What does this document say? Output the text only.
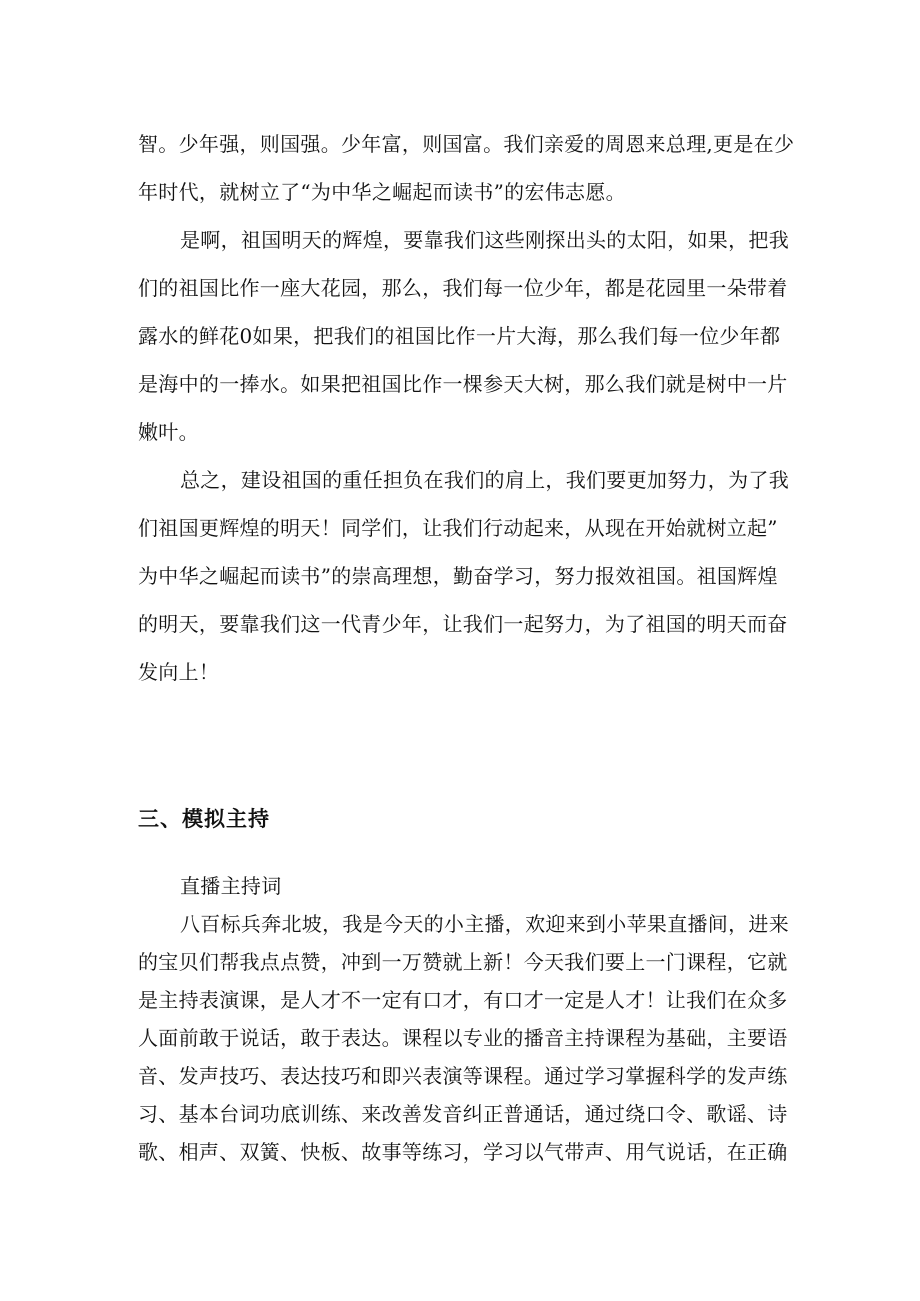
智。少年强，则国强。少年富，则国富。我们亲爱的周恩来总理,更是在少
年时代，就树立了“为中华之崛起而读书”的宏伟志愿。
是啊，祖国明天的辉煌，要靠我们这些刚探出头的太阳，如果，把我
们的祖国比作一座大花园，那么，我们每一位少年，都是花园里一朵带着
露水的鲜花0如果，把我们的祖国比作一片大海，那么我们每一位少年都
是海中的一捧水。如果把祖国比作一棵参天大树，那么我们就是树中一片
嫩叶。
总之，建设祖国的重任担负在我们的肩上，我们要更加努力，为了我
们祖国更辉煌的明天！同学们，让我们行动起来，从现在开始就树立起”
为中华之崛起而读书”的崇高理想，勤奋学习，努力报效祖国。祖国辉煌
的明天，要靠我们这一代青少年，让我们一起努力，为了祖国的明天而奋
发向上！
三、模拟主持
直播主持词
八百标兵奔北坡，我是今天的小主播，欢迎来到小苹果直播间，进来
的宝贝们帮我点点赞，冲到一万赞就上新！今天我们要上一门课程，它就
是主持表演课，是人才不一定有口才，有口才一定是人才！让我们在众多
人面前敢于说话，敢于表达。课程以专业的播音主持课程为基础，主要语
音、发声技巧、表达技巧和即兴表演等课程。通过学习掌握科学的发声练
习、基本台词功底训练、来改善发音纠正普通话，通过绕口令、歌谣、诗
歌、相声、双簧、快板、故事等练习，学习以气带声、用气说话，在正确
